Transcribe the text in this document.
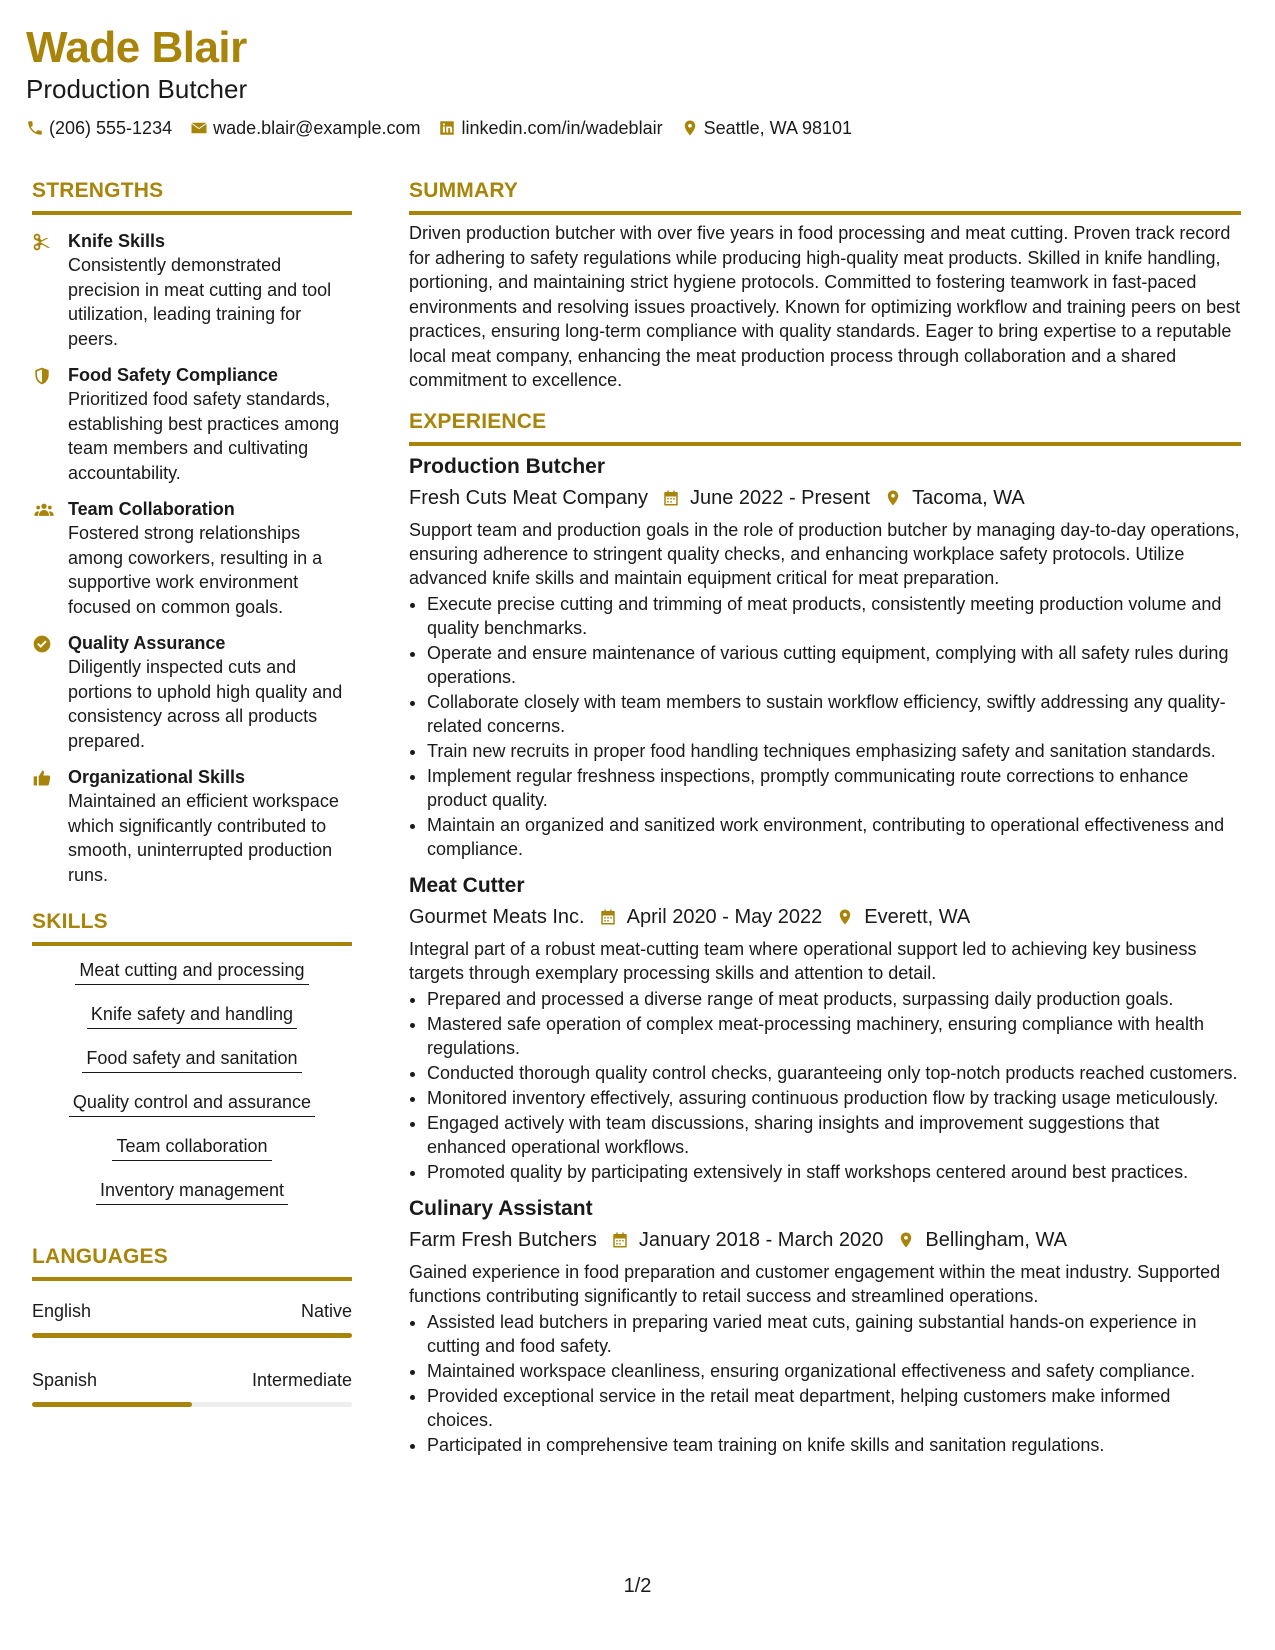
Wade Blair
Production Butcher
(206) 555-1234 wade.blair@example.com linkedin.com/in/wadeblair Seattle, WA 98101
STRENGTHS
Knife Skills
Consistently demonstrated precision in meat cutting and tool utilization, leading training for peers.
Food Safety Compliance
Prioritized food safety standards, establishing best practices among team members and cultivating accountability.
Team Collaboration
Fostered strong relationships among coworkers, resulting in a supportive work environment focused on common goals.
Quality Assurance
Diligently inspected cuts and portions to uphold high quality and consistency across all products prepared.
Organizational Skills
Maintained an efficient workspace which significantly contributed to smooth, uninterrupted production runs.
SKILLS
Meat cutting and processing
Knife safety and handling
Food safety and sanitation
Quality control and assurance
Team collaboration
Inventory management
LANGUAGES
English	Native
Spanish	Intermediate
SUMMARY
Driven production butcher with over five years in food processing and meat cutting. Proven track record for adhering to safety regulations while producing high-quality meat products. Skilled in knife handling, portioning, and maintaining strict hygiene protocols. Committed to fostering teamwork in fast-paced environments and resolving issues proactively. Known for optimizing workflow and training peers on best practices, ensuring long-term compliance with quality standards. Eager to bring expertise to a reputable local meat company, enhancing the meat production process through collaboration and a shared commitment to excellence.
EXPERIENCE
Production Butcher
Fresh Cuts Meat Company June 2022 - Present Tacoma, WA
Support team and production goals in the role of production butcher by managing day-to-day operations, ensuring adherence to stringent quality checks, and enhancing workplace safety protocols. Utilize advanced knife skills and maintain equipment critical for meat preparation.
• Execute precise cutting and trimming of meat products, consistently meeting production volume and quality benchmarks.
• Operate and ensure maintenance of various cutting equipment, complying with all safety rules during operations.
• Collaborate closely with team members to sustain workflow efficiency, swiftly addressing any quality-related concerns.
• Train new recruits in proper food handling techniques emphasizing safety and sanitation standards.
• Implement regular freshness inspections, promptly communicating route corrections to enhance product quality.
• Maintain an organized and sanitized work environment, contributing to operational effectiveness and compliance.
Meat Cutter
Gourmet Meats Inc. April 2020 - May 2022 Everett, WA
Integral part of a robust meat-cutting team where operational support led to achieving key business targets through exemplary processing skills and attention to detail.
• Prepared and processed a diverse range of meat products, surpassing daily production goals.
• Mastered safe operation of complex meat-processing machinery, ensuring compliance with health regulations.
• Conducted thorough quality control checks, guaranteeing only top-notch products reached customers.
• Monitored inventory effectively, assuring continuous production flow by tracking usage meticulously.
• Engaged actively with team discussions, sharing insights and improvement suggestions that enhanced operational workflows.
• Promoted quality by participating extensively in staff workshops centered around best practices.
Culinary Assistant
Farm Fresh Butchers January 2018 - March 2020 Bellingham, WA
Gained experience in food preparation and customer engagement within the meat industry. Supported functions contributing significantly to retail success and streamlined operations.
• Assisted lead butchers in preparing varied meat cuts, gaining substantial hands-on experience in cutting and food safety.
• Maintained workspace cleanliness, ensuring organizational effectiveness and safety compliance.
• Provided exceptional service in the retail meat department, helping customers make informed choices.
• Participated in comprehensive team training on knife skills and sanitation regulations.
1/2
